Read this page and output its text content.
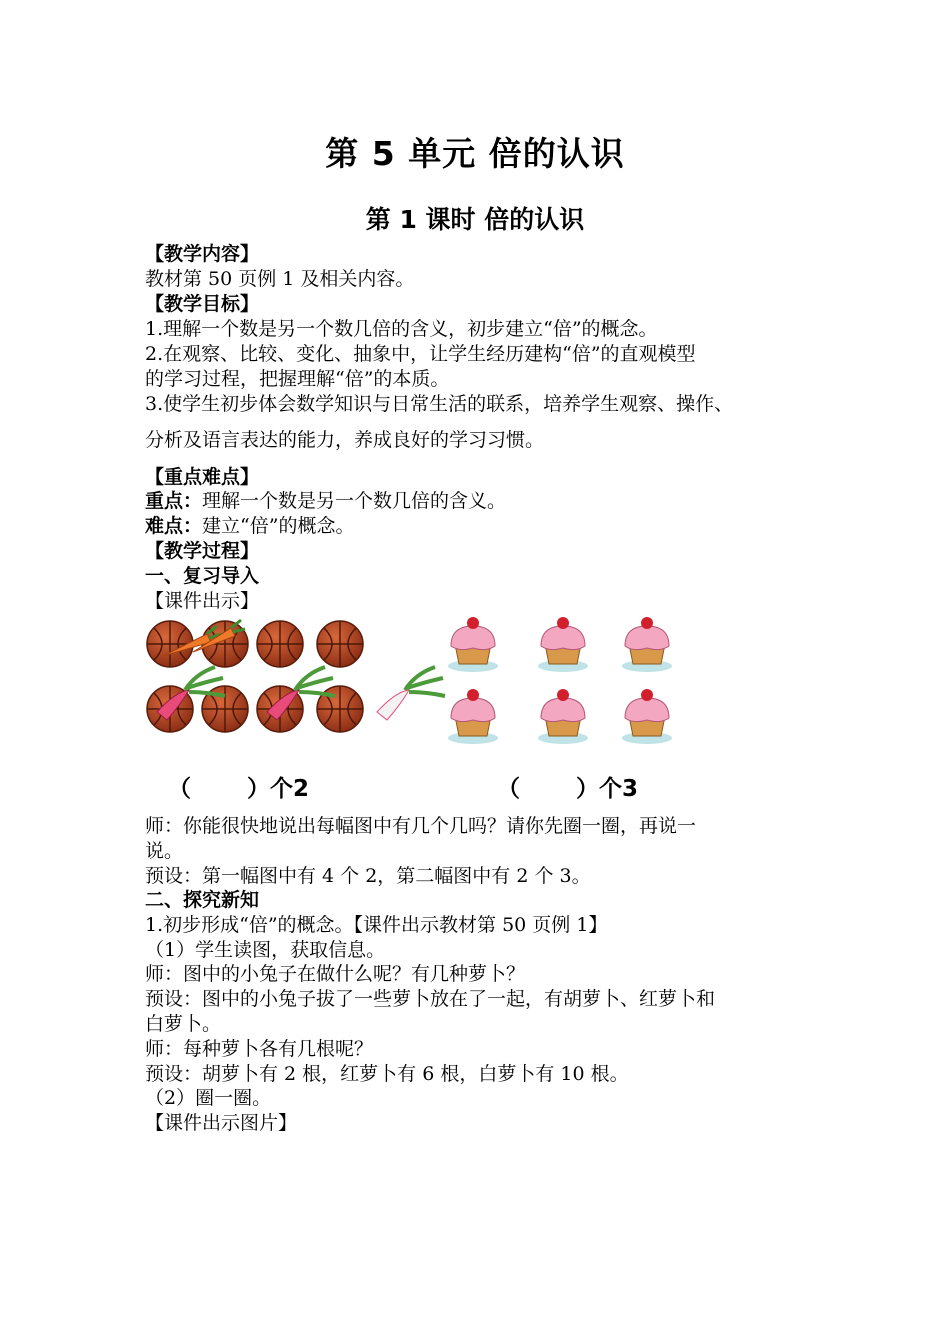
第 5 单元 倍的认识
第 1 课时 倍的认识
【教学内容】
教材第 50 页例 1 及相关内容。
【教学目标】
1.理解一个数是另一个数几倍的含义，初步建立“倍”的概念。
2.在观察、比较、变化、抽象中，让学生经历建构“倍”的直观模型
的学习过程，把握理解“倍”的本质。
3.使学生初步体会数学知识与日常生活的联系，培养学生观察、操作、
分析及语言表达的能力，养成良好的学习习惯。
【重点难点】
重点：理解一个数是另一个数几倍的含义。
难点：建立“倍”的概念。
【教学过程】
一、复习导入
【课件出示】
（       ）个2	（       ）个3
师：你能很快地说出每幅图中有几个几吗？请你先圈一圈，再说一
说。
预设：第一幅图中有 4 个 2，第二幅图中有 2 个 3。
二、探究新知
1.初步形成“倍”的概念。【课件出示教材第 50 页例 1】
（1）学生读图，获取信息。
师：图中的小兔子在做什么呢？有几种萝卜？
预设：图中的小兔子拔了一些萝卜放在了一起，有胡萝卜、红萝卜和
白萝卜。
师：每种萝卜各有几根呢？
预设：胡萝卜有 2 根，红萝卜有 6 根，白萝卜有 10 根。
（2）圈一圈。
【课件出示图片】
